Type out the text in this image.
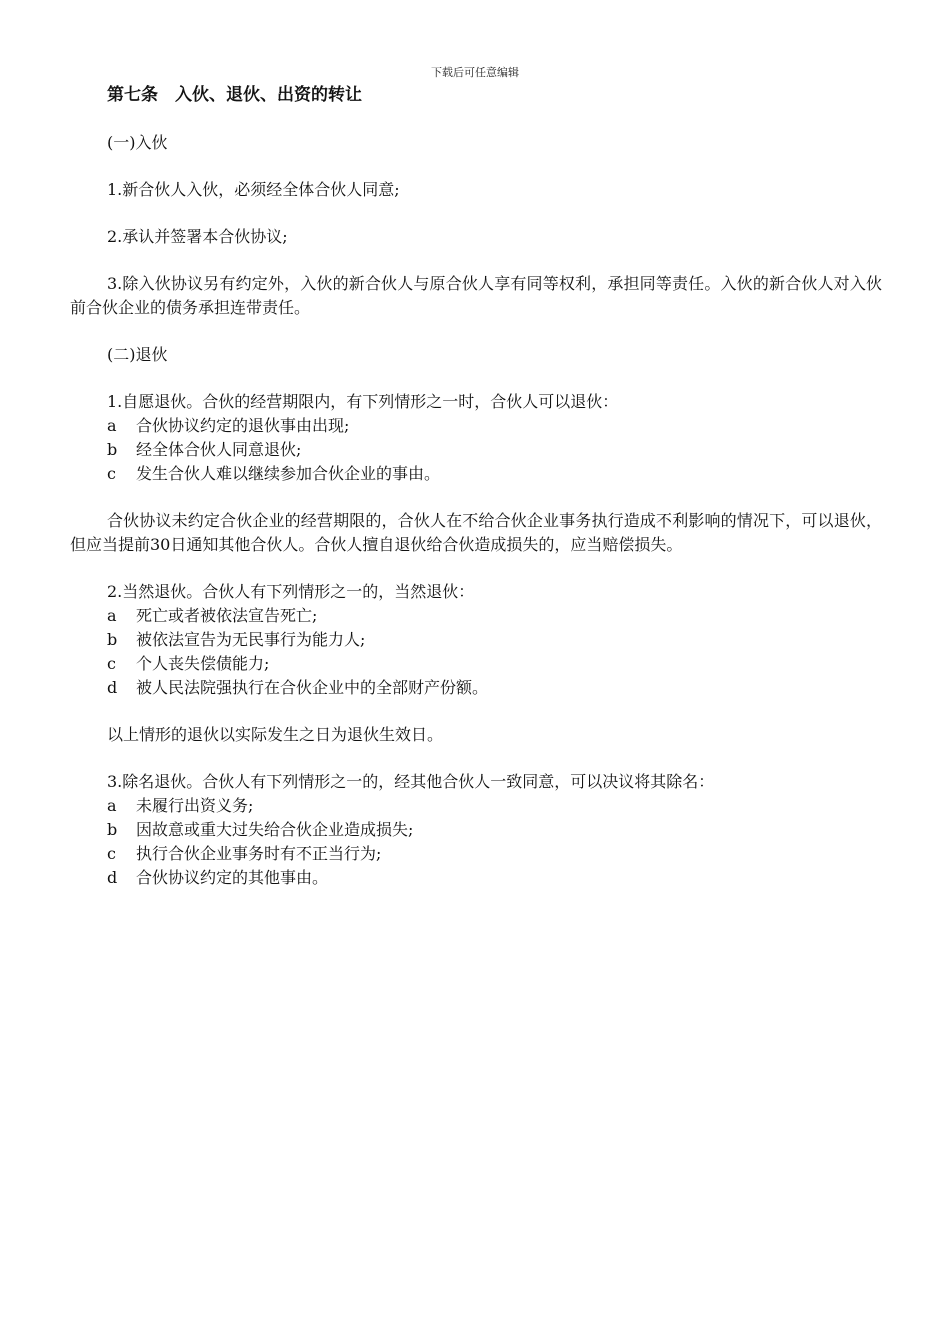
下载后可任意编辑
第七条　入伙、退伙、出资的转让

(一)入伙

1.新合伙人入伙，必须经全体合伙人同意;

2.承认并签署本合伙协议;

3.除入伙协议另有约定外，入伙的新合伙人与原合伙人享有同等权利，承担同等责任。入伙的新合伙人对入伙前合伙企业的债务承担连带责任。

(二)退伙

1.自愿退伙。合伙的经营期限内，有下列情形之一时，合伙人可以退伙：

a 合伙协议约定的退伙事由出现;

b 经全体合伙人同意退伙;

c 发生合伙人难以继续参加合伙企业的事由。

合伙协议未约定合伙企业的经营期限的，合伙人在不给合伙企业事务执行造成不利影响的情况下，可以退伙，但应当提前30日通知其他合伙人。合伙人擅自退伙给合伙造成损失的，应当赔偿损失。

2.当然退伙。合伙人有下列情形之一的，当然退伙：

a 死亡或者被依法宣告死亡;

b 被依法宣告为无民事行为能力人;

c 个人丧失偿债能力;

d 被人民法院强执行在合伙企业中的全部财产份额。

以上情形的退伙以实际发生之日为退伙生效日。

3.除名退伙。合伙人有下列情形之一的，经其他合伙人一致同意，可以决议将其除名：

a 未履行出资义务;

b 因故意或重大过失给合伙企业造成损失;

c 执行合伙企业事务时有不正当行为;

d 合伙协议约定的其他事由。
